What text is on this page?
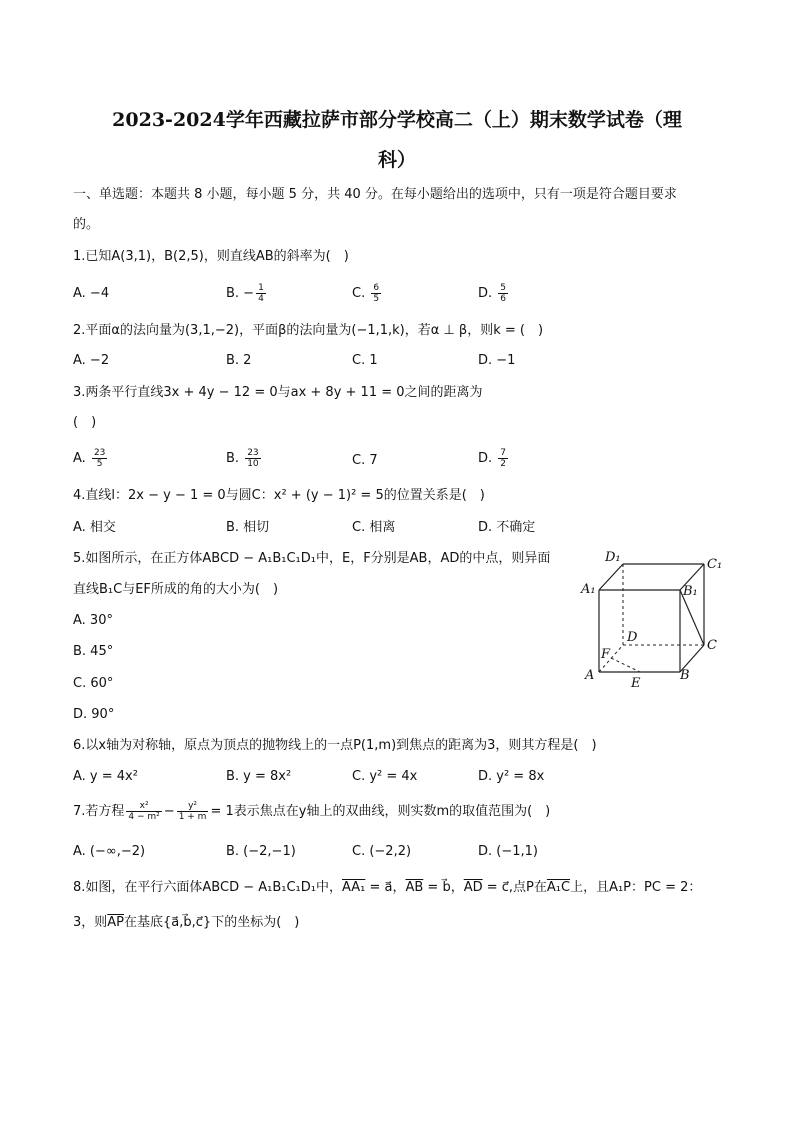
2023-2024学年西藏拉萨市部分学校高二（上）期末数学试卷（理
科）
一、单选题：本题共 8 小题，每小题 5 分，共 40 分。在每小题给出的选项中，只有一项是符合题目要求
的。
1.已知A(3,1)，B(2,5)，则直线AB的斜率为(　)
A. −4	B. − $\frac{1}{4}$	C. $\frac{6}{5}$	D. $\frac{5}{6}$
2.平面α的法向量为(3,1,−2)，平面β的法向量为(−1,1,k)，若α ⊥ β，则k = (　)
A. −2	B. 2	C. 1	D. −1
3.两条平行直线3x + 4y − 12 = 0与ax + 8y + 11 = 0之间的距离为
(　)
A. $\frac{23}{5}$	B. $\frac{23}{10}$	C. 7	D. $\frac{7}{2}$
4.直线l：2x − y − 1 = 0与圆C：x² + (y − 1)² = 5的位置关系是(　)
A. 相交	B. 相切	C. 相离	D. 不确定
5.如图所示，在正方体ABCD − A₁B₁C₁D₁中，E，F分别是AB，AD的中点，则异面
直线B₁C与EF所成的角的大小为(　)
A. 30°
B. 45°
C. 60°
D. 90°
D₁	C₁
A₁	B₁
D
C
F
A
E
B
6.以x轴为对称轴，原点为顶点的抛物线上的一点P(1,m)到焦点的距离为3，则其方程是(　)
A. y = 4x²	B. y = 8x²	C. y² = 4x	D. y² = 8x
7.若方程 $\frac{\text{x²}}{\text{4 − m²}} - \frac{\text{y²}}{1 + m} = 1$表示焦点在y轴上的双曲线，则实数m的取值范围为(　)
A. (−∞,−2)	B. (−2,−1)	C. (−2,2)	D. (−1,1)
8.如图，在平行六面体ABCD − A₁B₁C₁D₁中，AA₁ = a⃗，$\overline{AB}$ = b⃗，$\overline{AD}$ = c⃗,点P在A₁C上，且A₁P：PC = 2：
3，则$\overline{AP}$在基底{a⃗,b⃗,c⃗}下的坐标为(　)
